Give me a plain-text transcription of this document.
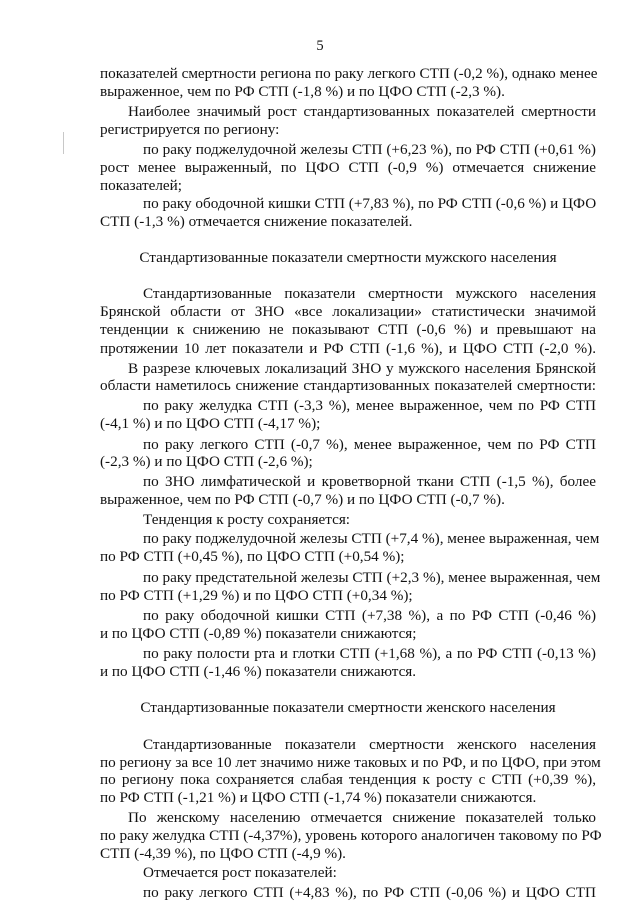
5
показателей смертности региона по раку легкого СТП (-0,2 %), однако менее
выраженное, чем по РФ СТП (-1,8 %) и по ЦФО СТП (-2,3 %).
Наиболее значимый рост стандартизованных показателей смертности
регистрируется по региону:
по раку поджелудочной железы СТП (+6,23 %), по РФ СТП (+0,61 %)
рост менее выраженный, по ЦФО СТП (-0,9 %) отмечается снижение
показателей;
по раку ободочной кишки СТП (+7,83 %), по РФ СТП (-0,6 %) и ЦФО
СТП (-1,3 %) отмечается снижение показателей.
Стандартизованные показатели смертности мужского населения
Стандартизованные показатели смертности мужского населения
Брянской области от ЗНО «все локализации» статистически значимой
тенденции к снижению не показывают СТП (-0,6 %) и превышают на
протяжении 10 лет показатели и РФ СТП (-1,6 %), и ЦФО СТП (-2,0 %).
В разрезе ключевых локализаций ЗНО у мужского населения Брянской
области наметилось снижение стандартизованных показателей смертности:
по раку желудка СТП (-3,3 %), менее выраженное, чем по РФ СТП
(-4,1 %) и по ЦФО СТП (-4,17 %);
по раку легкого СТП (-0,7 %), менее выраженное, чем по РФ СТП
(-2,3 %) и по ЦФО СТП (-2,6 %);
по ЗНО лимфатической и кроветворной ткани СТП (-1,5 %), более
выраженное, чем по РФ СТП (-0,7 %) и по ЦФО СТП (-0,7 %).
Тенденция к росту сохраняется:
по раку поджелудочной железы СТП (+7,4 %), менее выраженная, чем
по РФ СТП (+0,45 %), по ЦФО СТП (+0,54 %);
по раку предстательной железы СТП (+2,3 %), менее выраженная, чем
по РФ СТП (+1,29 %) и по ЦФО СТП (+0,34 %);
по раку ободочной кишки СТП (+7,38 %), а по РФ СТП (-0,46 %)
и по ЦФО СТП (-0,89 %) показатели снижаются;
по раку полости рта и глотки СТП (+1,68 %), а по РФ СТП (-0,13 %)
и по ЦФО СТП (-1,46 %) показатели снижаются.
Стандартизованные показатели смертности женского населения
Стандартизованные показатели смертности женского населения
по региону за все 10 лет значимо ниже таковых и по РФ, и по ЦФО, при этом
по региону пока сохраняется слабая тенденция к росту с СТП (+0,39 %),
по РФ СТП (-1,21 %) и ЦФО СТП (-1,74 %) показатели снижаются.
По женскому населению отмечается снижение показателей только
по раку желудка СТП (-4,37%), уровень которого аналогичен таковому по РФ
СТП (-4,39 %), по ЦФО СТП (-4,9 %).
Отмечается рост показателей:
по раку легкого СТП (+4,83 %), по РФ СТП (-0,06 %) и ЦФО СТП
